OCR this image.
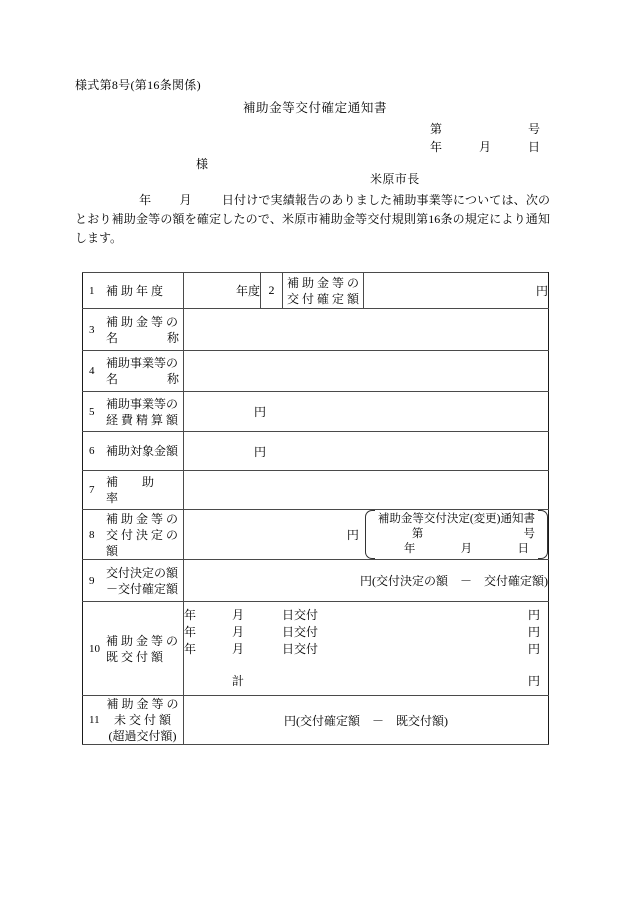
様式第8号(第16条関係)
補助金等交付確定通知書
第	号
年	月	日
様
米原市長
年 月	日付けで実績報告のありました補助事業等については、次のとおり補助金等の額を確定したので、米原市補助金等交付規則第16条の規定により通知します。
1 補 助 年 度	年度	2	補 助 金 等 の
交 付 確 定 額	円

3
補 助 金 等 の
名 称				

4
補助事業等の
名 称				

5
補助事業等の
経 費 精 算 額	円			

6 補助対象金額	円			

7
補　　助　　率				

8
補 助 金 等 の
交 付 決 定 の 額

円
補助金等交付決定(変更)通知書
第	号
年	月	日

9
交付決定の額
－交付確定額	円(交付決定の額　－　交付確定額)			

10
補 助 金 等 の
既 交 付 額

年	月	日交付	円
年	月	日交付	円
年	月	日交付	円
計	円

11
補 助 金 等 の
未 交 付 額
(超過交付額)	円(交付確定額　－　既交付額)			
